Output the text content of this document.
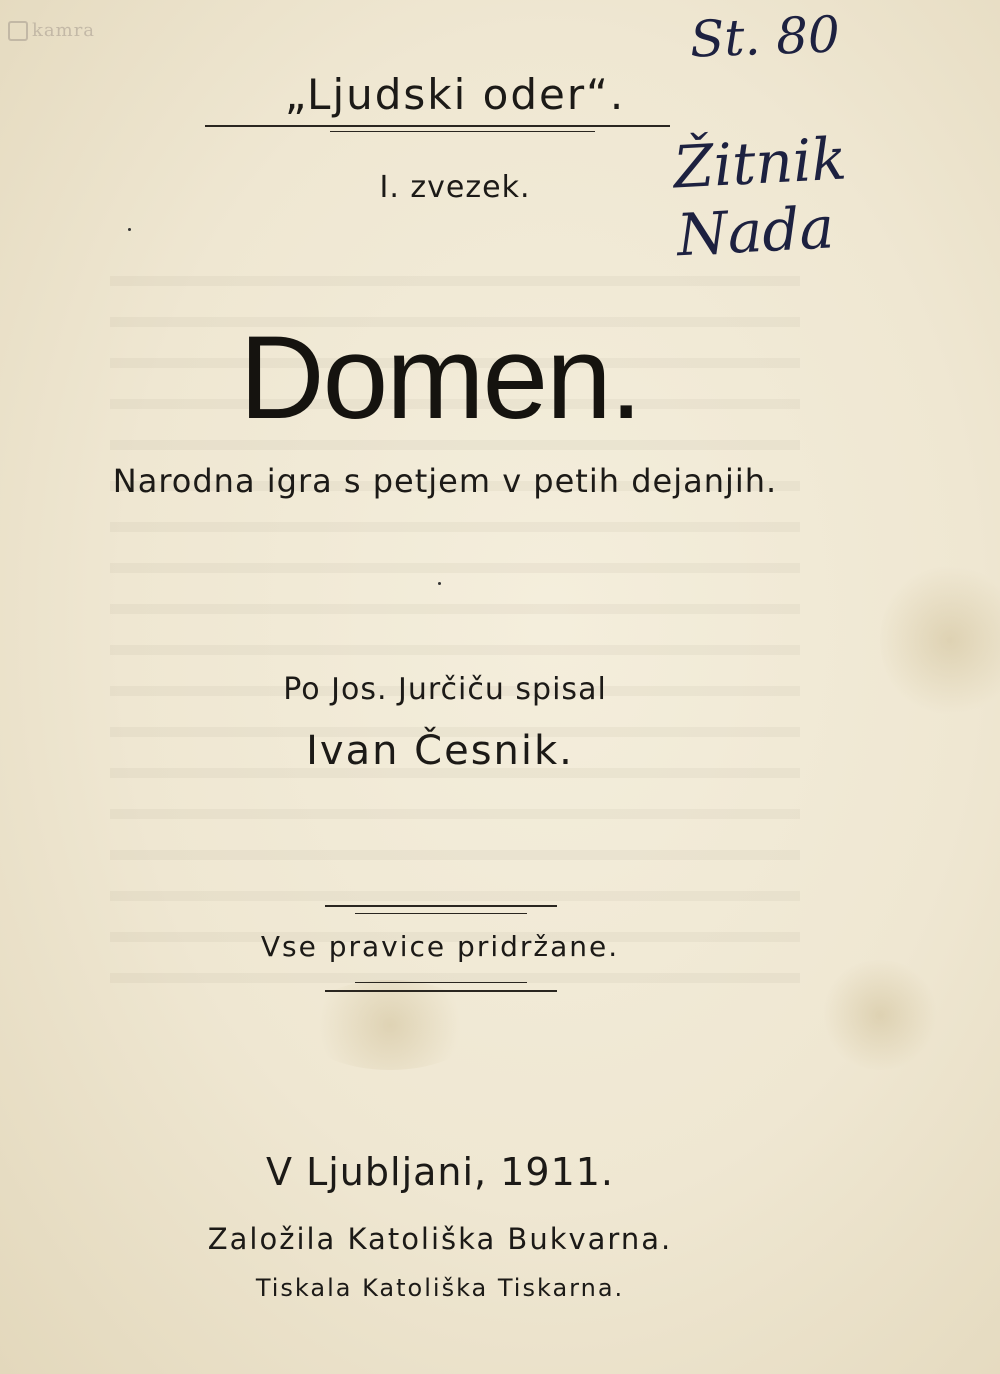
kamra
„Ljudski oder“.
I. zvezek.
Domen.
Narodna igra s petjem v petih dejanjih.
Po Jos. Jurčiču spisal
Ivan Česnik.
Vse pravice pridržane.
V Ljubljani, 1911.
Založila Katoliška Bukvarna.
Tiskala Katoliška Tiskarna.
St. 80
Žitnik Nada
